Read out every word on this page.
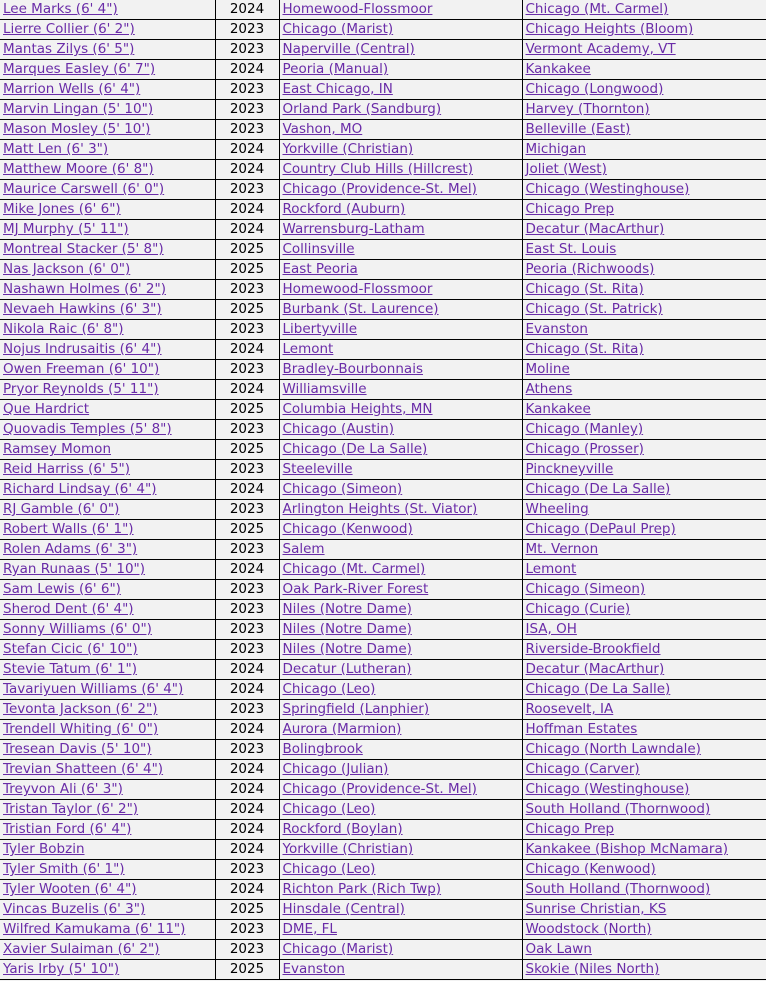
Lee Marks (6' 4")	2024	Homewood-Flossmoor	Chicago (Mt. Carmel)
Lierre Collier (6' 2")	2023	Chicago (Marist)	Chicago Heights (Bloom)
Mantas Zilys (6' 5")	2023	Naperville (Central)	Vermont Academy, VT
Marques Easley (6' 7")	2024	Peoria (Manual)	Kankakee
Marrion Wells (6' 4")	2023	East Chicago, IN	Chicago (Longwood)
Marvin Lingan (5' 10")	2023	Orland Park (Sandburg)	Harvey (Thornton)
Mason Mosley (5' 10')	2023	Vashon, MO	Belleville (East)
Matt Len (6' 3")	2024	Yorkville (Christian)	Michigan
Matthew Moore (6' 8")	2024	Country Club Hills (Hillcrest)	Joliet (West)
Maurice Carswell (6' 0")	2023	Chicago (Providence-St. Mel)	Chicago (Westinghouse)
Mike Jones (6' 6")	2024	Rockford (Auburn)	Chicago Prep
MJ Murphy (5' 11")	2024	Warrensburg-Latham	Decatur (MacArthur)
Montreal Stacker (5' 8")	2025	Collinsville	East St. Louis
Nas Jackson (6' 0")	2025	East Peoria	Peoria (Richwoods)
Nashawn Holmes (6' 2")	2023	Homewood-Flossmoor	Chicago (St. Rita)
Nevaeh Hawkins (6' 3")	2025	Burbank (St. Laurence)	Chicago (St. Patrick)
Nikola Raic (6' 8")	2023	Libertyville	Evanston
Nojus Indrusaitis (6' 4")	2024	Lemont	Chicago (St. Rita)
Owen Freeman (6' 10")	2023	Bradley-Bourbonnais	Moline
Pryor Reynolds (5' 11")	2024	Williamsville	Athens
Que Hardrict	2025	Columbia Heights, MN	Kankakee
Quovadis Temples (5' 8")	2023	Chicago (Austin)	Chicago (Manley)
Ramsey Momon	2025	Chicago (De La Salle)	Chicago (Prosser)
Reid Harriss (6' 5")	2023	Steeleville	Pinckneyville
Richard Lindsay (6' 4")	2024	Chicago (Simeon)	Chicago (De La Salle)
RJ Gamble (6' 0")	2023	Arlington Heights (St. Viator)	Wheeling
Robert Walls (6' 1")	2025	Chicago (Kenwood)	Chicago (DePaul Prep)
Rolen Adams (6' 3")	2023	Salem	Mt. Vernon
Ryan Runaas (5' 10")	2024	Chicago (Mt. Carmel)	Lemont
Sam Lewis (6' 6")	2023	Oak Park-River Forest	Chicago (Simeon)
Sherod Dent (6' 4")	2023	Niles (Notre Dame)	Chicago (Curie)
Sonny Williams (6' 0")	2023	Niles (Notre Dame)	ISA, OH
Stefan Cicic (6' 10")	2023	Niles (Notre Dame)	Riverside-Brookfield
Stevie Tatum (6' 1")	2024	Decatur (Lutheran)	Decatur (MacArthur)
Tavariyuen Williams (6' 4")	2024	Chicago (Leo)	Chicago (De La Salle)
Tevonta Jackson (6' 2")	2023	Springfield (Lanphier)	Roosevelt, IA
Trendell Whiting (6' 0")	2024	Aurora (Marmion)	Hoffman Estates
Tresean Davis (5' 10")	2023	Bolingbrook	Chicago (North Lawndale)
Trevian Shatteen (6' 4")	2024	Chicago (Julian)	Chicago (Carver)
Treyvon Ali (6' 3")	2024	Chicago (Providence-St. Mel)	Chicago (Westinghouse)
Tristan Taylor (6' 2")	2024	Chicago (Leo)	South Holland (Thornwood)
Tristian Ford (6' 4")	2024	Rockford (Boylan)	Chicago Prep
Tyler Bobzin	2024	Yorkville (Christian)	Kankakee (Bishop McNamara)
Tyler Smith (6' 1")	2023	Chicago (Leo)	Chicago (Kenwood)
Tyler Wooten (6' 4")	2024	Richton Park (Rich Twp)	South Holland (Thornwood)
Vincas Buzelis (6' 3")	2025	Hinsdale (Central)	Sunrise Christian, KS
Wilfred Kamukama (6' 11")	2023	DME, FL	Woodstock (North)
Xavier Sulaiman (6' 2")	2023	Chicago (Marist)	Oak Lawn
Yaris Irby (5' 10")	2025	Evanston	Skokie (Niles North)
